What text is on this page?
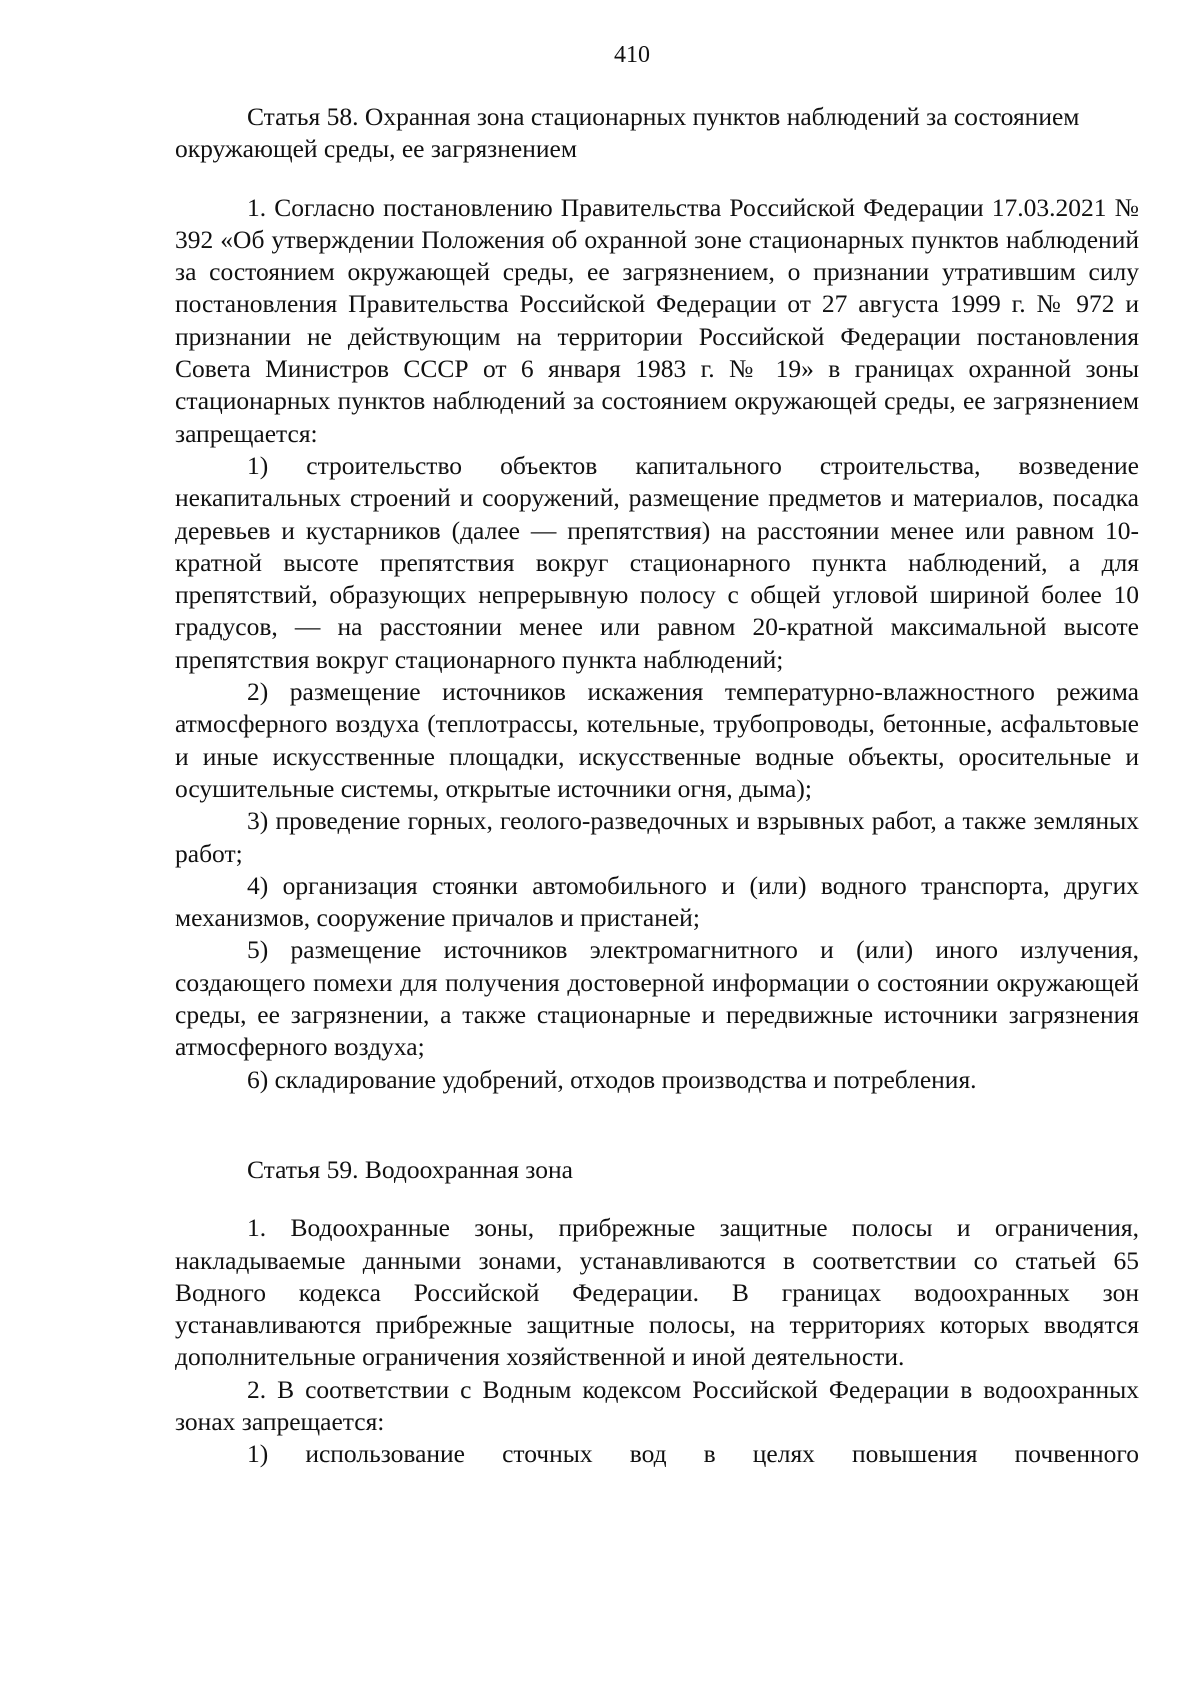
410

Статья 58. Охранная зона стационарных пунктов наблюдений за состоянием окружающей среды, ее загрязнением

1. Согласно постановлению Правительства Российской Федерации 17.03.2021 № 392 «Об утверждении Положения об охранной зоне стационарных пунктов наблюдений за состоянием окружающей среды, ее загрязнением, о признании утратившим силу постановления Правительства Российской Федерации от 27 августа 1999 г. № 972 и признании не действующим на территории Российской Федерации постановления Совета Министров СССР от 6 января 1983 г. № 19» в границах охранной зоны стационарных пунктов наблюдений за состоянием окружающей среды, ее загрязнением запрещается:

1) строительство объектов капитального строительства, возведение некапитальных строений и сооружений, размещение предметов и материалов, посадка деревьев и кустарников (далее — препятствия) на расстоянии менее или равном 10-кратной высоте препятствия вокруг стационарного пункта наблюдений, а для препятствий, образующих непрерывную полосу с общей угловой шириной более 10 градусов, — на расстоянии менее или равном 20-кратной максимальной высоте препятствия вокруг стационарного пункта наблюдений;

2) размещение источников искажения температурно-влажностного режима атмосферного воздуха (теплотрассы, котельные, трубопроводы, бетонные, асфальтовые и иные искусственные площадки, искусственные водные объекты, оросительные и осушительные системы, открытые источники огня, дыма);

3) проведение горных, геолого-разведочных и взрывных работ, а также земляных работ;

4) организация стоянки автомобильного и (или) водного транспорта, других механизмов, сооружение причалов и пристаней;

5) размещение источников электромагнитного и (или) иного излучения, создающего помехи для получения достоверной информации о состоянии окружающей среды, ее загрязнении, а также стационарные и передвижные источники загрязнения атмосферного воздуха;

6) складирование удобрений, отходов производства и потребления.

Статья 59. Водоохранная зона

1. Водоохранные зоны, прибрежные защитные полосы и ограничения, накладываемые данными зонами, устанавливаются в соответствии со статьей 65 Водного кодекса Российской Федерации. В границах водоохранных зон устанавливаются прибрежные защитные полосы, на территориях которых вводятся дополнительные ограничения хозяйственной и иной деятельности.

2. В соответствии с Водным кодексом Российской Федерации в водоохранных зонах запрещается:

1) использование сточных вод в целях повышения почвенного
